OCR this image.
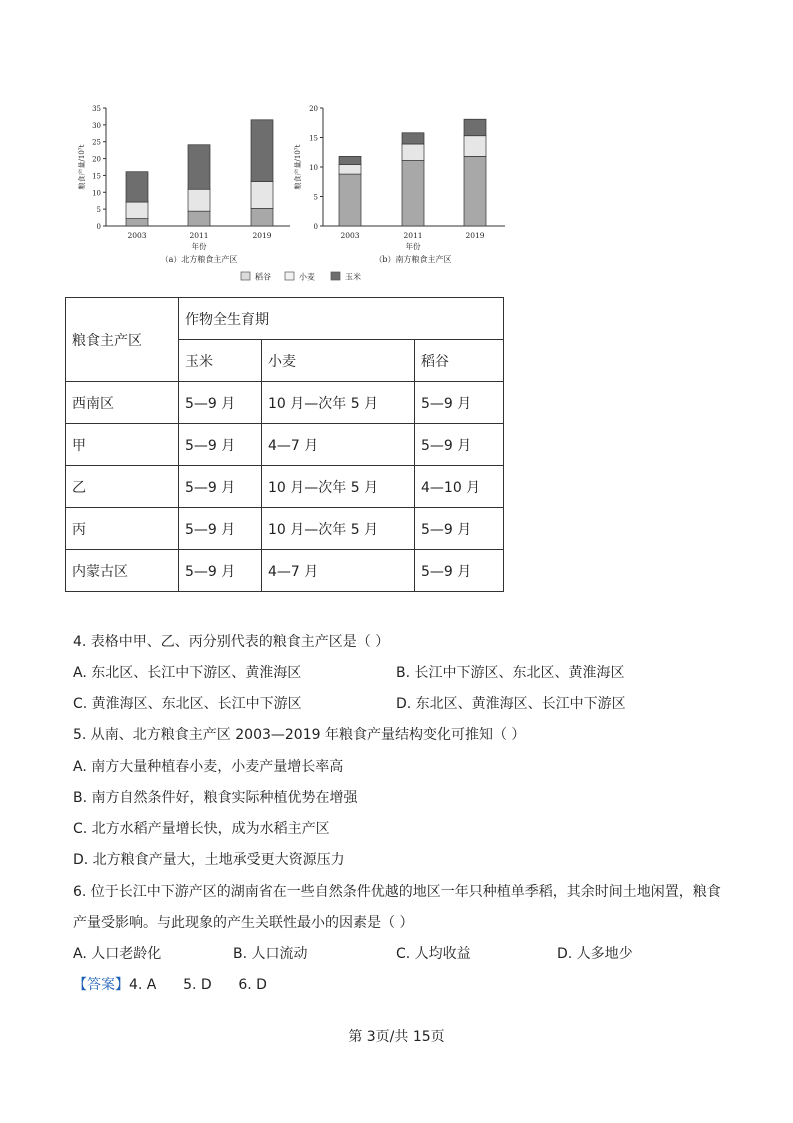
0
5
10
15
20
25
30
35
粮食产量/10⁷t
2003	2011	2019
年份
（a）北方粮食主产区
0
5
10
15
20
粮食产量/10⁷t
2003	2011	2019
年份
（b）南方粮食主产区
稻谷	小麦	玉米
粮食主产区	作物全生育期		
	玉米	小麦	稻谷
西南区	5—9 月	10 月—次年 5 月	5—9 月
甲	5—9 月	4—7 月	5—9 月
乙	5—9 月	10 月—次年 5 月	4—10 月
丙	5—9 月	10 月—次年 5 月	5—9 月
内蒙古区	5—9 月	4—7 月	5—9 月
4. 表格中甲、乙、丙分别代表的粮食主产区是（ ）
A. 东北区、长江中下游区、黄淮海区	B. 长江中下游区、东北区、黄淮海区
C. 黄淮海区、东北区、长江中下游区	D. 东北区、黄淮海区、长江中下游区
5. 从南、北方粮食主产区 2003—2019 年粮食产量结构变化可推知（ ）
A. 南方大量种植春小麦，小麦产量增长率高
B. 南方自然条件好，粮食实际种植优势在增强
C. 北方水稻产量增长快，成为水稻主产区
D. 北方粮食产量大，土地承受更大资源压力
6. 位于长江中下游产区的湖南省在一些自然条件优越的地区一年只种植单季稻，其余时间土地闲置，粮食
产量受影响。与此现象的产生关联性最小的因素是（ ）
A. 人口老龄化	B. 人口流动	C. 人均收益	D. 人多地少
【答案】4. A      5. D      6. D
第 3页/共 15页
